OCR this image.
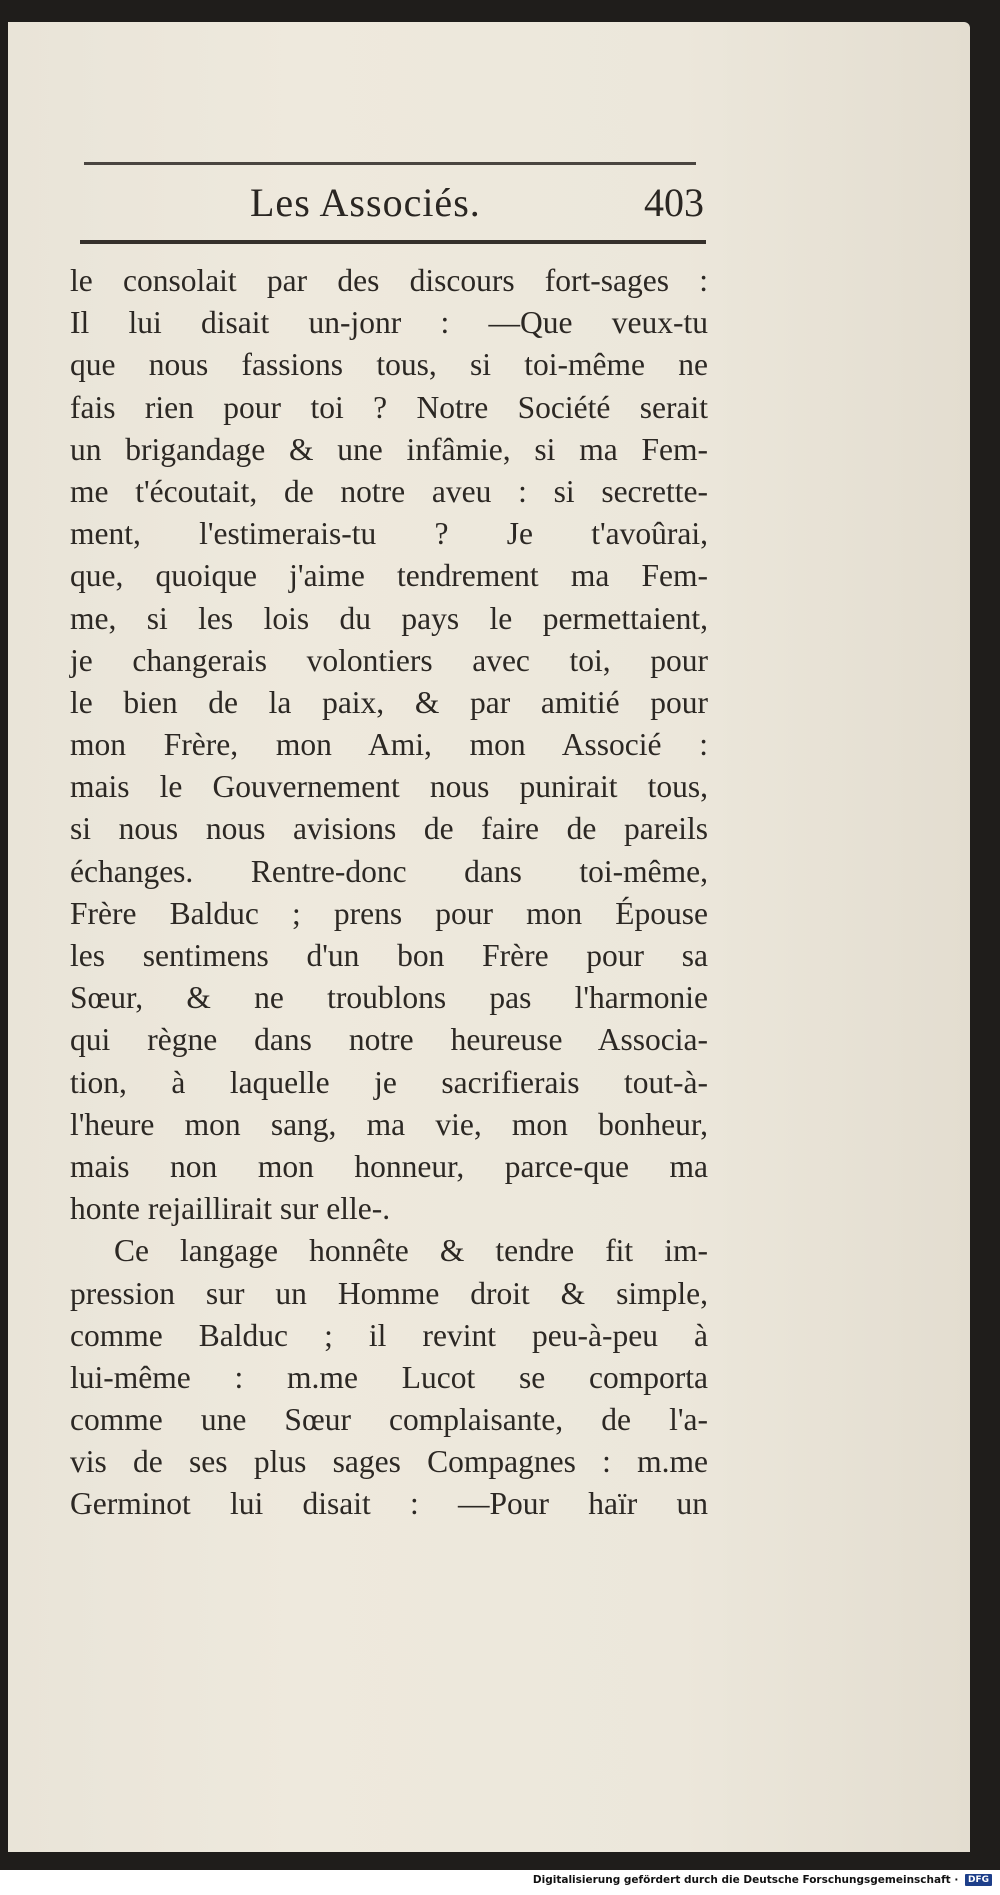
Les Associés.	403
le consolait par des discours fort-sages :
Il lui disait un-jonr : —Que veux-tu
que nous fassions tous, si toi-même ne
fais rien pour toi ? Notre Société serait
un brigandage & une infâmie, si ma Fem-
me t'écoutait, de notre aveu : si secrette-
ment, l'estimerais-tu ? Je t'avoûrai,
que, quoique j'aime tendrement ma Fem-
me, si les lois du pays le permettaient,
je changerais volontiers avec toi, pour
le bien de la paix, & par amitié pour
mon Frère, mon Ami, mon Associé :
mais le Gouvernement nous punirait tous,
si nous nous avisions de faire de pareils
échanges. Rentre-donc dans toi-même,
Frère Balduc ; prens pour mon Épouse
les sentimens d'un bon Frère pour sa
Sœur, & ne troublons pas l'harmonie
qui règne dans notre heureuse Associa-
tion, à laquelle je sacrifierais tout-à-
l'heure mon sang, ma vie, mon bonheur,
mais non mon honneur, parce-que ma
honte rejaillirait sur elle-.
Ce langage honnête & tendre fit im-
pression sur un Homme droit & simple,
comme Balduc ; il revint peu-à-peu à
lui-même : m.me Lucot se comporta
comme une Sœur complaisante, de l'a-
vis de ses plus sages Compagnes : m.me
Germinot lui disait : —Pour haïr un
Digitalisierung gefördert durch die Deutsche Forschungsgemeinschaft · DFG
